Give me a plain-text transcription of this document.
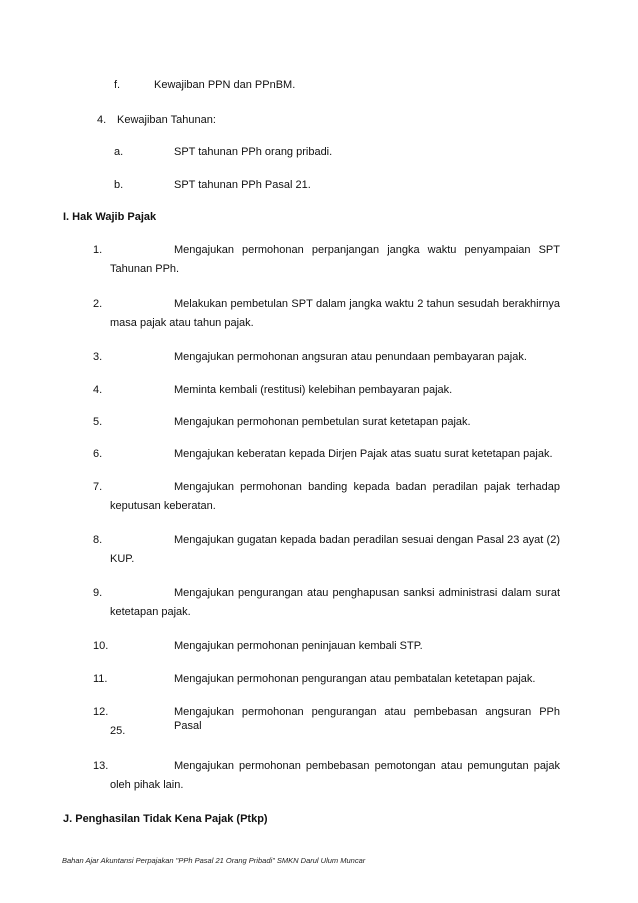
f.	Kewajiban PPN dan PPnBM.
4. Kewajiban Tahunan:
a.	SPT tahunan PPh orang pribadi.
b.	SPT tahunan PPh Pasal 21.
I. Hak Wajib Pajak
1.	Mengajukan permohonan perpanjangan jangka waktu penyampaian SPT
Tahunan PPh.
2.	Melakukan pembetulan SPT dalam jangka waktu 2 tahun sesudah berakhirnya
masa pajak atau tahun pajak.
3.	Mengajukan permohonan angsuran atau penundaan pembayaran pajak.
4.	Meminta kembali (restitusi) kelebihan pembayaran pajak.
5.	Mengajukan permohonan pembetulan surat ketetapan pajak.
6.	Mengajukan keberatan kepada Dirjen Pajak atas suatu surat ketetapan pajak.
7.	Mengajukan permohonan banding kepada badan peradilan pajak terhadap
keputusan keberatan.
8.	Mengajukan gugatan kepada badan peradilan sesuai dengan Pasal 23 ayat (2)
KUP.
9.	Mengajukan pengurangan atau penghapusan sanksi administrasi dalam surat
ketetapan pajak.
10.	Mengajukan permohonan peninjauan kembali STP.
11.	Mengajukan permohonan pengurangan atau pembatalan ketetapan pajak.
12.	Mengajukan permohonan pengurangan atau pembebasan angsuran PPh Pasal
25.
13.	Mengajukan permohonan pembebasan pemotongan atau pemungutan pajak
oleh pihak lain.
J. Penghasilan Tidak Kena Pajak (Ptkp)
Bahan Ajar Akuntansi Perpajakan "PPh Pasal 21 Orang Pribadi" SMKN Darul Ulum Muncar
